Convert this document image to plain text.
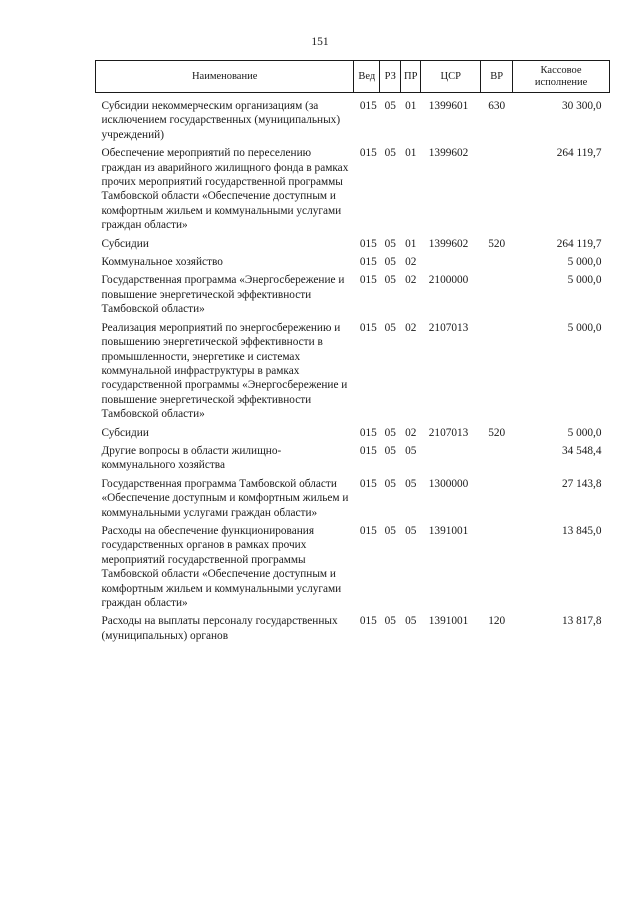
151
Наименование	Вед	РЗ	ПР	ЦСР	ВР	Кассовое исполнение
Субсидии некоммерческим организациям (за исключением государственных (муниципальных) учреждений)	015	05	01	1399601	630	30 300,0
Обеспечение мероприятий по переселению граждан из аварийного жилищного фонда в рамках прочих мероприятий государственной программы Тамбовской области «Обеспечение доступным и комфортным жильем и коммунальными услугами граждан области»	015	05	01	1399602		264 119,7
Субсидии	015	05	01	1399602	520	264 119,7
Коммунальное хозяйство	015	05	02			5 000,0
Государственная программа «Энергосбережение и повышение энергетической эффективности Тамбовской области»	015	05	02	2100000		5 000,0
Реализация мероприятий по энергосбережению и повышению энергетической эффективности в промышленности, энергетике и системах коммунальной инфраструктуры в рамках государственной программы «Энергосбережение и повышение энергетической эффективности Тамбовской области»	015	05	02	2107013		5 000,0
Субсидии	015	05	02	2107013	520	5 000,0
Другие вопросы в области жилищно-коммунального хозяйства	015	05	05			34 548,4
Государственная программа Тамбовской области «Обеспечение доступным и комфортным жильем и коммунальными услугами граждан области»	015	05	05	1300000		27 143,8
Расходы на обеспечение функционирования государственных органов в рамках прочих мероприятий государственной программы Тамбовской области «Обеспечение доступным и комфортным жильем и коммунальными услугами граждан области»	015	05	05	1391001		13 845,0
Расходы на выплаты персоналу государственных (муниципальных) органов	015	05	05	1391001	120	13 817,8
